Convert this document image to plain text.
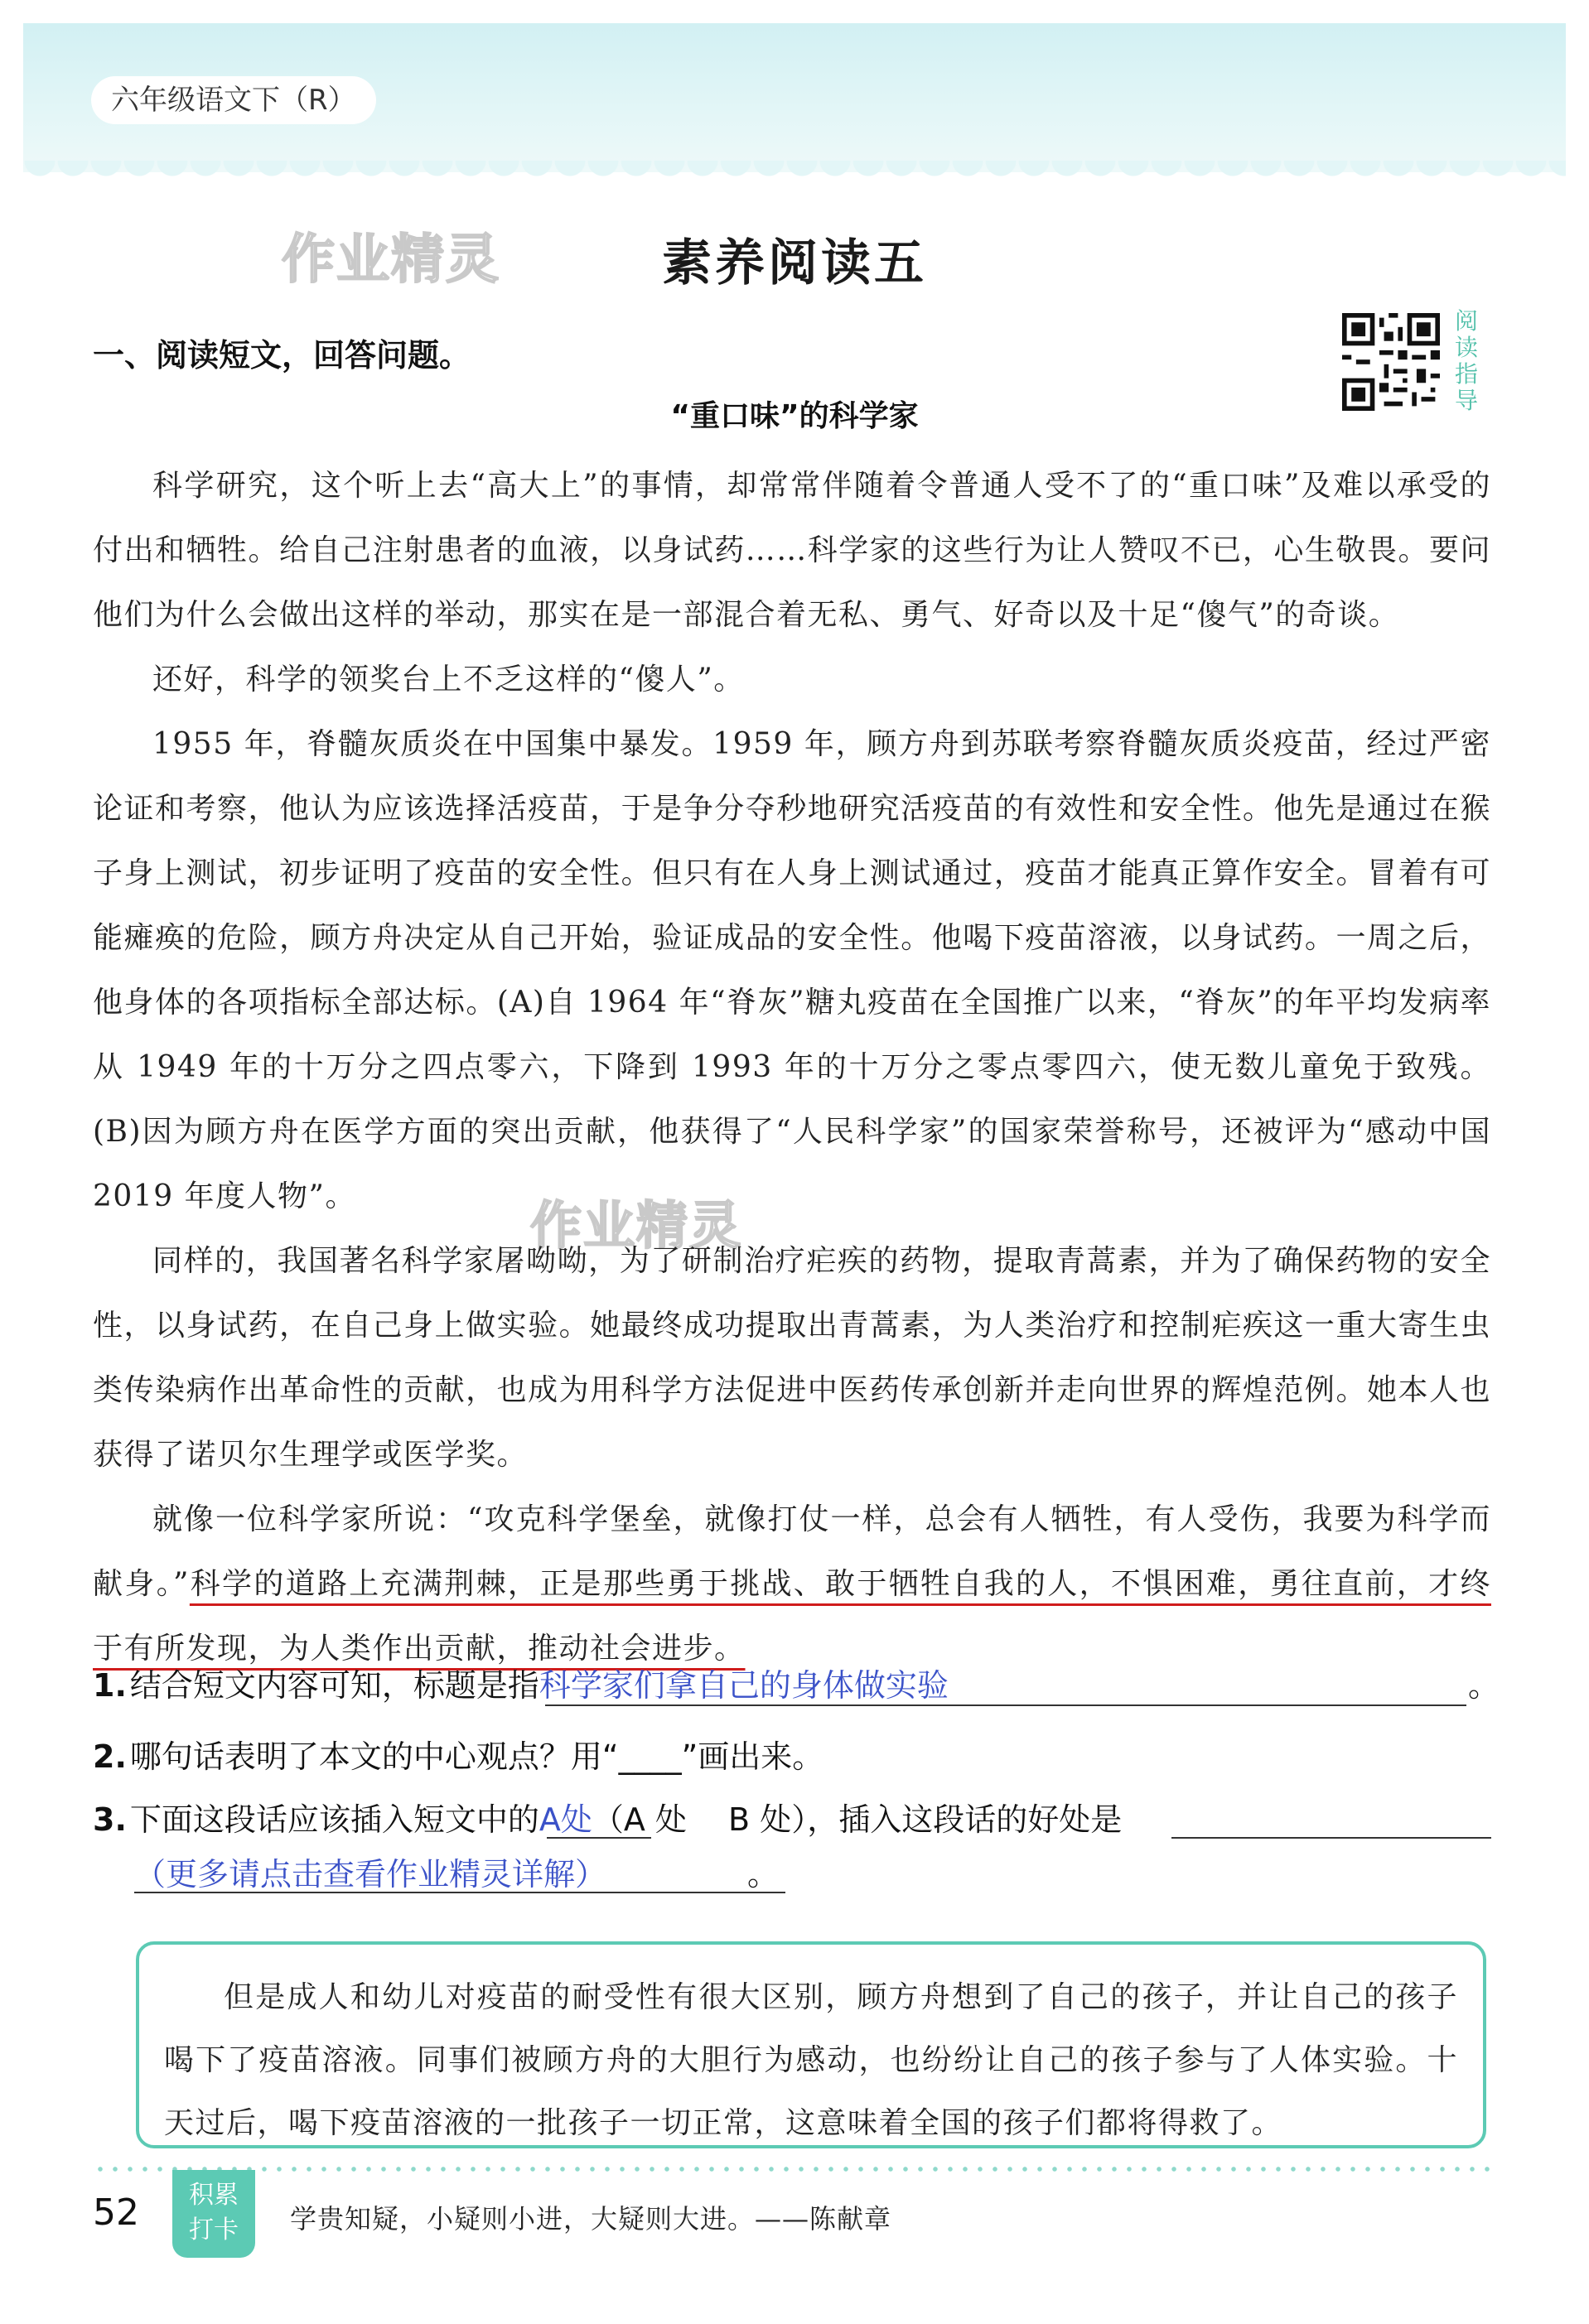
六年级语文下（R）
作业精灵
作业精灵
素养阅读五
一、阅读短文，回答问题。
阅
读
指
导
“重口味”的科学家

科学研究，这个听上去“高大上”的事情，却常常伴随着令普通人受不了的“重口味”及难以承受的付出和牺牲。给自己注射患者的血液，以身试药……科学家的这些行为让人赞叹不已，心生敬畏。要问他们为什么会做出这样的举动，那实在是一部混合着无私、勇气、好奇以及十足“傻气”的奇谈。

还好，科学的领奖台上不乏这样的“傻人”。

1955 年，脊髓灰质炎在中国集中暴发。1959 年，顾方舟到苏联考察脊髓灰质炎疫苗，经过严密论证和考察，他认为应该选择活疫苗，于是争分夺秒地研究活疫苗的有效性和安全性。他先是通过在猴子身上测试，初步证明了疫苗的安全性。但只有在人身上测试通过，疫苗才能真正算作安全。冒着有可能瘫痪的危险，顾方舟决定从自己开始，验证成品的安全性。他喝下疫苗溶液，以身试药。一周之后，他身体的各项指标全部达标。(A)自 1964 年“脊灰”糖丸疫苗在全国推广以来，“脊灰”的年平均发病率从 1949 年的十万分之四点零六，下降到 1993 年的十万分之零点零四六，使无数儿童免于致残。(B)因为顾方舟在医学方面的突出贡献，他获得了“人民科学家”的国家荣誉称号，还被评为“感动中国 2019 年度人物”。

同样的，我国著名科学家屠呦呦，为了研制治疗疟疾的药物，提取青蒿素，并为了确保药物的安全性，以身试药，在自己身上做实验。她最终成功提取出青蒿素，为人类治疗和控制疟疾这一重大寄生虫类传染病作出革命性的贡献，也成为用科学方法促进中医药传承创新并走向世界的辉煌范例。她本人也获得了诺贝尔生理学或医学奖。

就像一位科学家所说：“攻克科学堡垒，就像打仗一样，总会有人牺牲，有人受伤，我要为科学而献身。”科学的道路上充满荆棘，正是那些勇于挑战、敢于牺牲自我的人，不惧困难，勇往直前，才终于有所发现，为人类作出贡献，推动社会进步。

1. 结合短文内容可知，标题是指科学家们拿自己的身体做实验	。
2. 哪句话表明了本文的中心观点？用“____”画出来。
3. 下面这段话应该插入短文中的A处（A 处　 B 处），插入这段话的好处是
（更多请点击查看作业精灵详解）	。

但是成人和幼儿对疫苗的耐受性有很大区别，顾方舟想到了自己的孩子，并让自己的孩子喝下了疫苗溶液。同事们被顾方舟的大胆行为感动，也纷纷让自己的孩子参与了人体实验。十天过后，喝下疫苗溶液的一批孩子一切正常，这意味着全国的孩子们都将得救了。

52	积累
打卡	学贵知疑，小疑则小进，大疑则大进。——陈献章
